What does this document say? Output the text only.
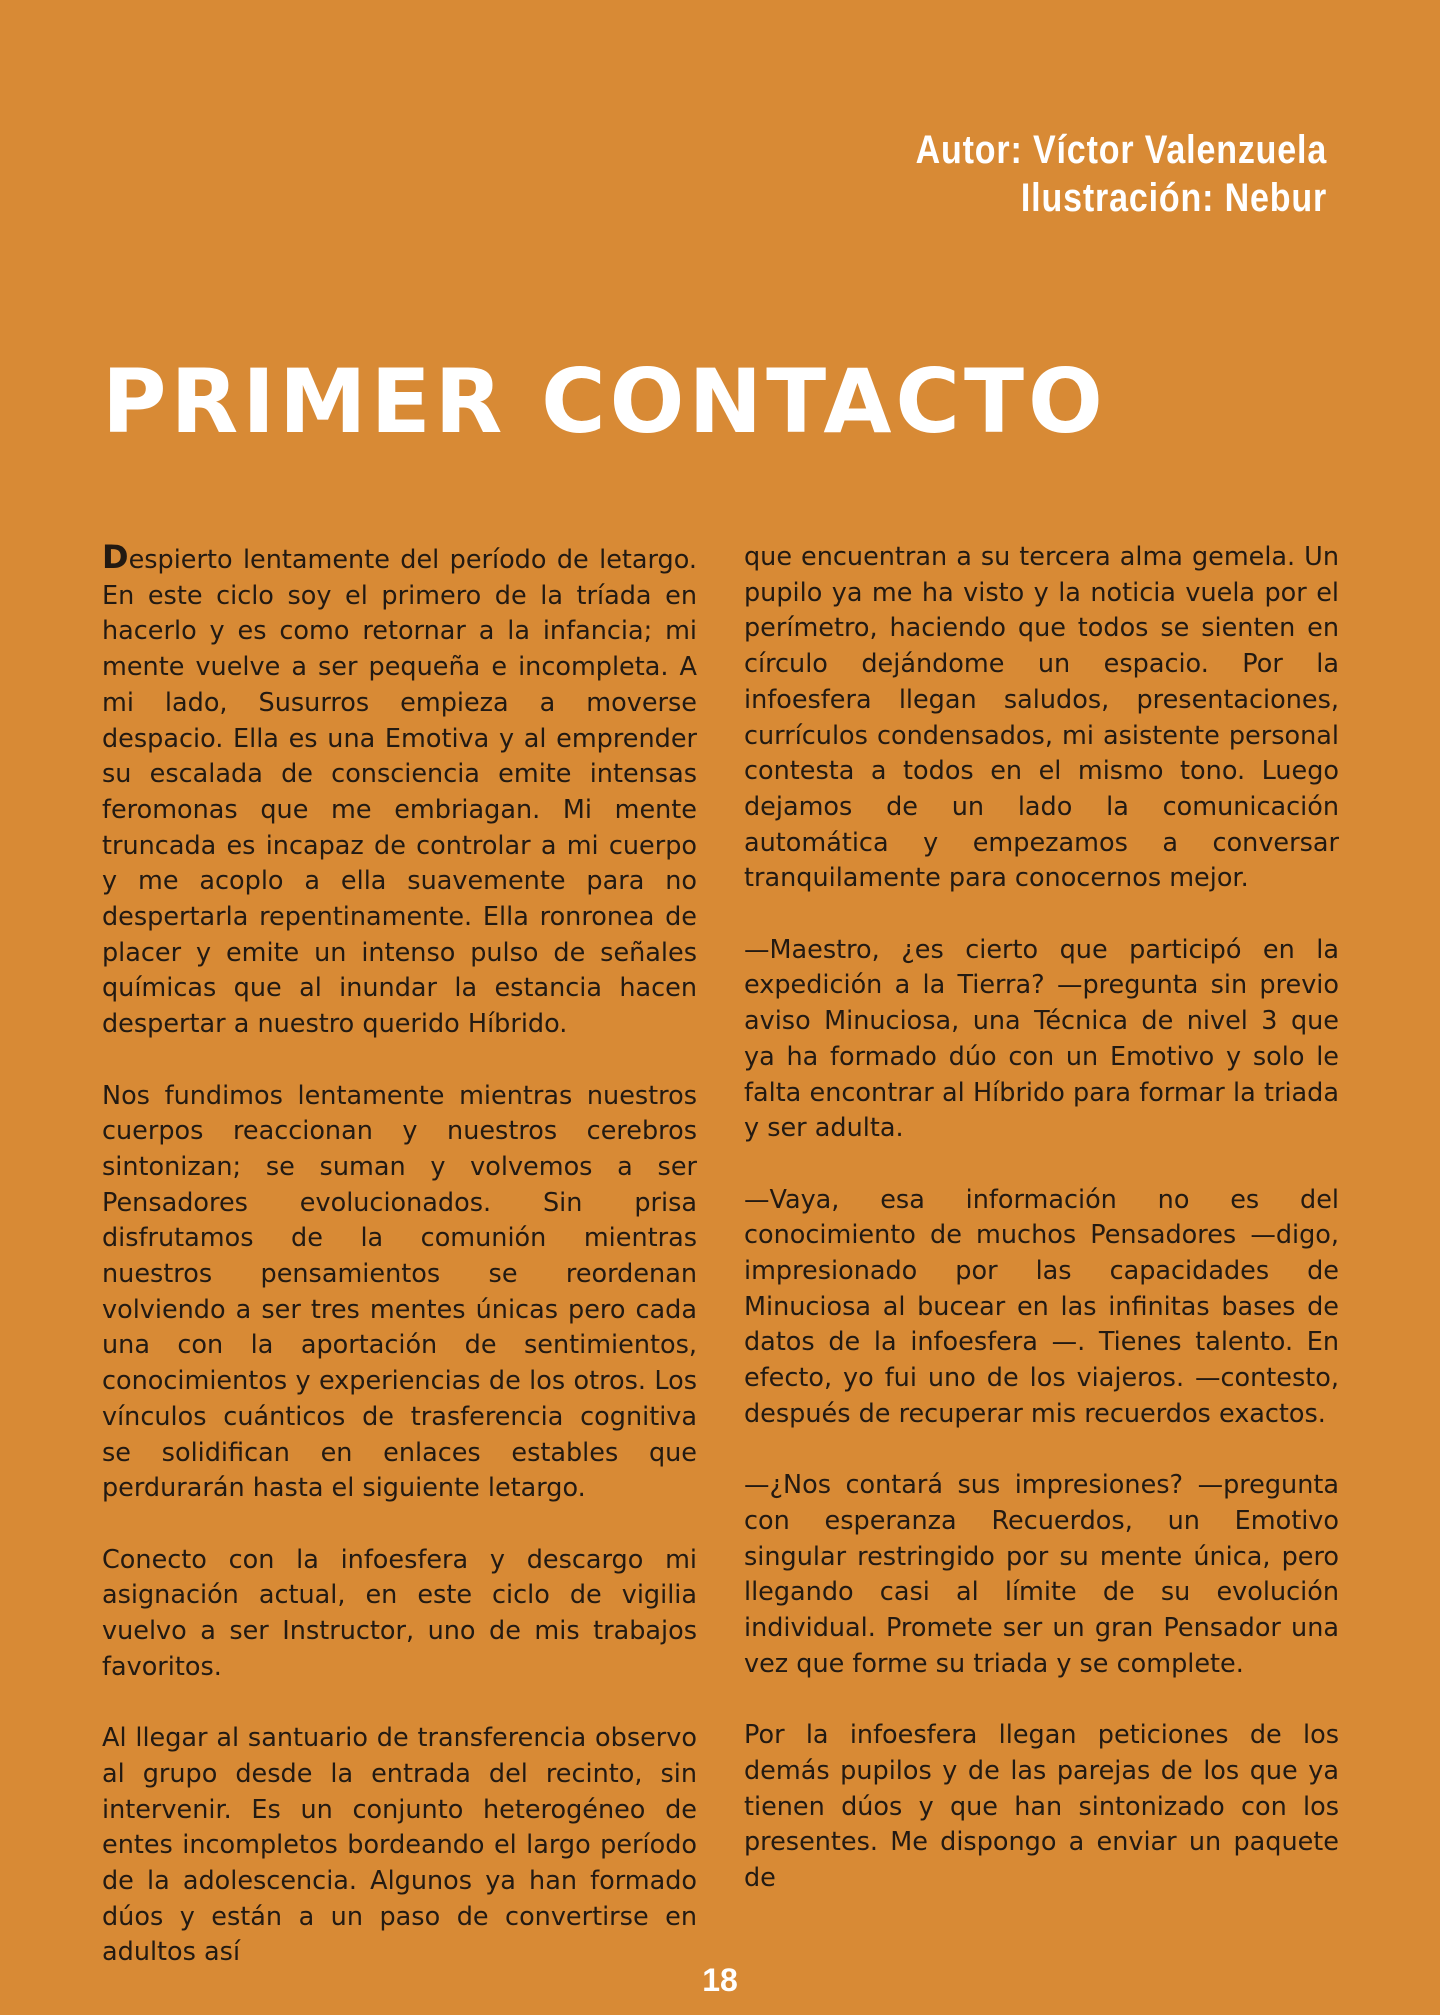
Autor: Víctor Valenzuela
Ilustración: Nebur
PRIMER CONTACTO

Despierto lentamente del período de letargo. En este ciclo soy el primero de la tríada en hacerlo y es como retornar a la infancia; mi mente vuelve a ser pequeña e incompleta. A mi lado, Susurros empieza a moverse despacio. Ella es una Emotiva y al emprender su escalada de consciencia emite intensas feromonas que me embriagan. Mi mente truncada es incapaz de controlar a mi cuerpo y me acoplo a ella suavemente para no despertarla repentinamente. Ella ronronea de placer y emite un intenso pulso de señales químicas que al inundar la estancia hacen despertar a nuestro querido Híbrido.

Nos fundimos lentamente mientras nuestros cuerpos reaccionan y nuestros cerebros sintonizan; se suman y volvemos a ser Pensadores evolucionados. Sin prisa disfrutamos de la comunión mientras nuestros pensamientos se reordenan volviendo a ser tres mentes únicas pero cada una con la aportación de sentimientos, conocimientos y experiencias de los otros. Los vínculos cuánticos de trasferencia cognitiva se solidifican en enlaces estables que perdurarán hasta el siguiente letargo.

Conecto con la infoesfera y descargo mi asignación actual, en este ciclo de vigilia vuelvo a ser Instructor, uno de mis trabajos favoritos.

Al llegar al santuario de transferencia observo al grupo desde la entrada del recinto, sin intervenir. Es un conjunto heterogéneo de entes incompletos bordeando el largo período de la adolescencia. Algunos ya han formado dúos y están a un paso de convertirse en adultos así

que encuentran a su tercera alma gemela. Un pupilo ya me ha visto y la noticia vuela por el perímetro, haciendo que todos se sienten en círculo dejándome un espacio. Por la infoesfera llegan saludos, presentaciones, currículos condensados, mi asistente personal contesta a todos en el mismo tono. Luego dejamos de un lado la comunicación automática y empezamos a conversar tranquilamente para conocernos mejor.

—Maestro, ¿es cierto que participó en la expedición a la Tierra? —pregunta sin previo aviso Minuciosa, una Técnica de nivel 3 que ya ha formado dúo con un Emotivo y solo le falta encontrar al Híbrido para formar la triada y ser adulta.

—Vaya, esa información no es del conocimiento de muchos Pensadores —digo, impresionado por las capacidades de Minuciosa al bucear en las infinitas bases de datos de la infoesfera —. Tienes talento. En efecto, yo fui uno de los viajeros. —contesto, después de recuperar mis recuerdos exactos.

—¿Nos contará sus impresiones? —pregunta con esperanza Recuerdos, un Emotivo singular restringido por su mente única, pero llegando casi al límite de su evolución individual. Promete ser un gran Pensador una vez que forme su triada y se complete.

Por la infoesfera llegan peticiones de los demás pupilos y de las parejas de los que ya tienen dúos y que han sintonizado con los presentes. Me dispongo a enviar un paquete de

18
